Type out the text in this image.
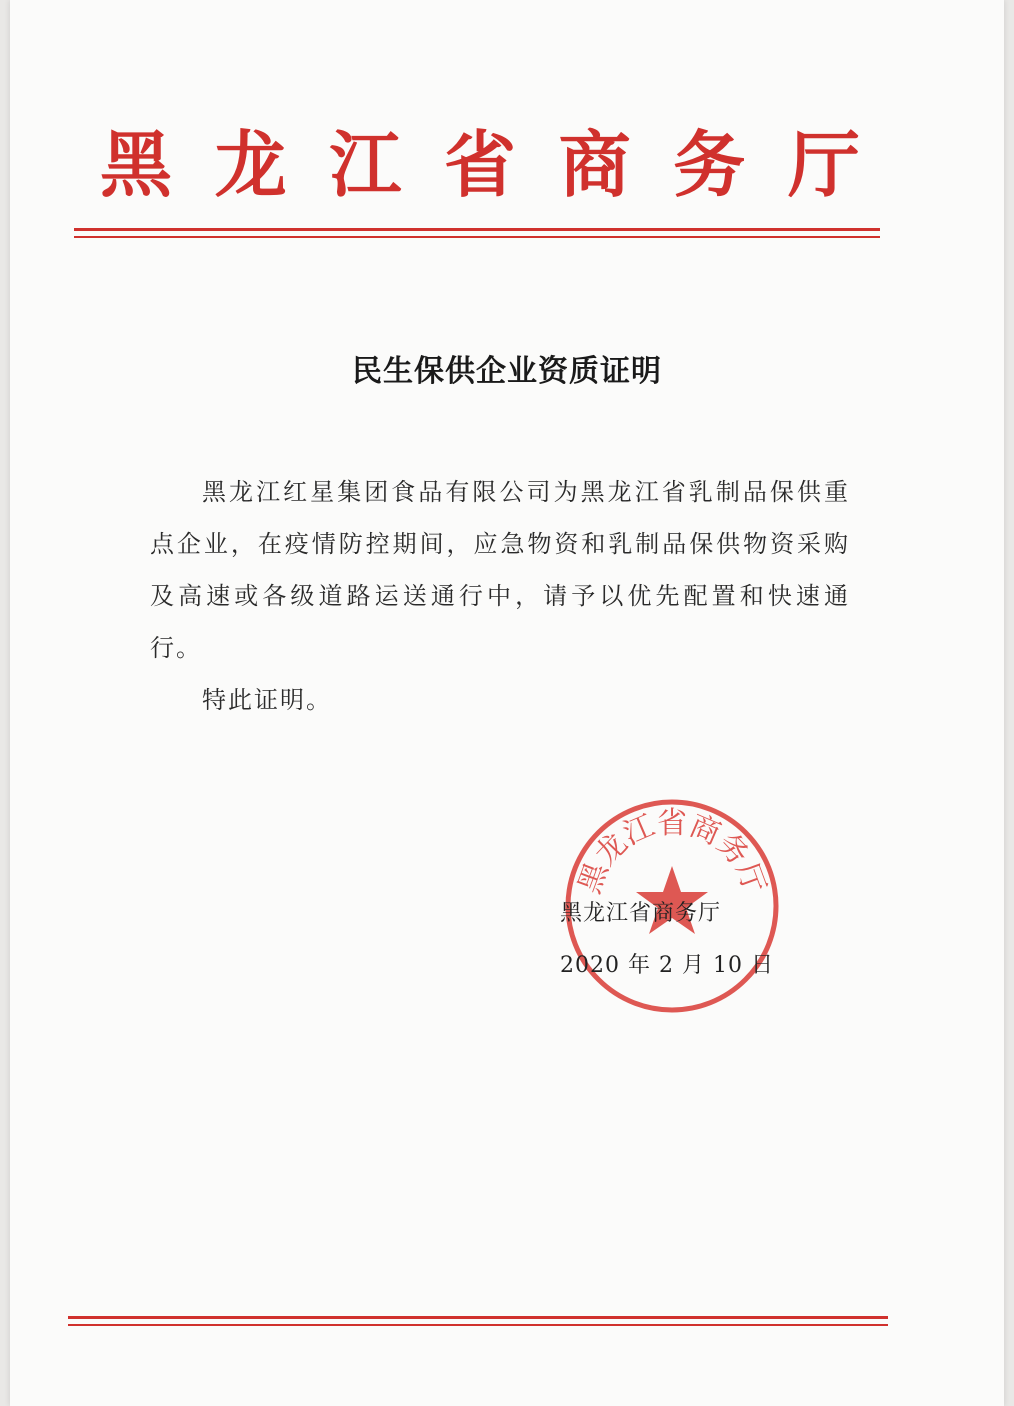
黑 龙 江 省 商 务 厅
民生保供企业资质证明
黑龙江红星集团食品有限公司为黑龙江省乳制品保供重点企业，在疫情防控期间，应急物资和乳制品保供物资采购及高速或各级道路运送通行中，请予以优先配置和快速通行。
特此证明。
黑龙江省商务厅
黑龙江省商务厅
2020 年 2 月 10 日
